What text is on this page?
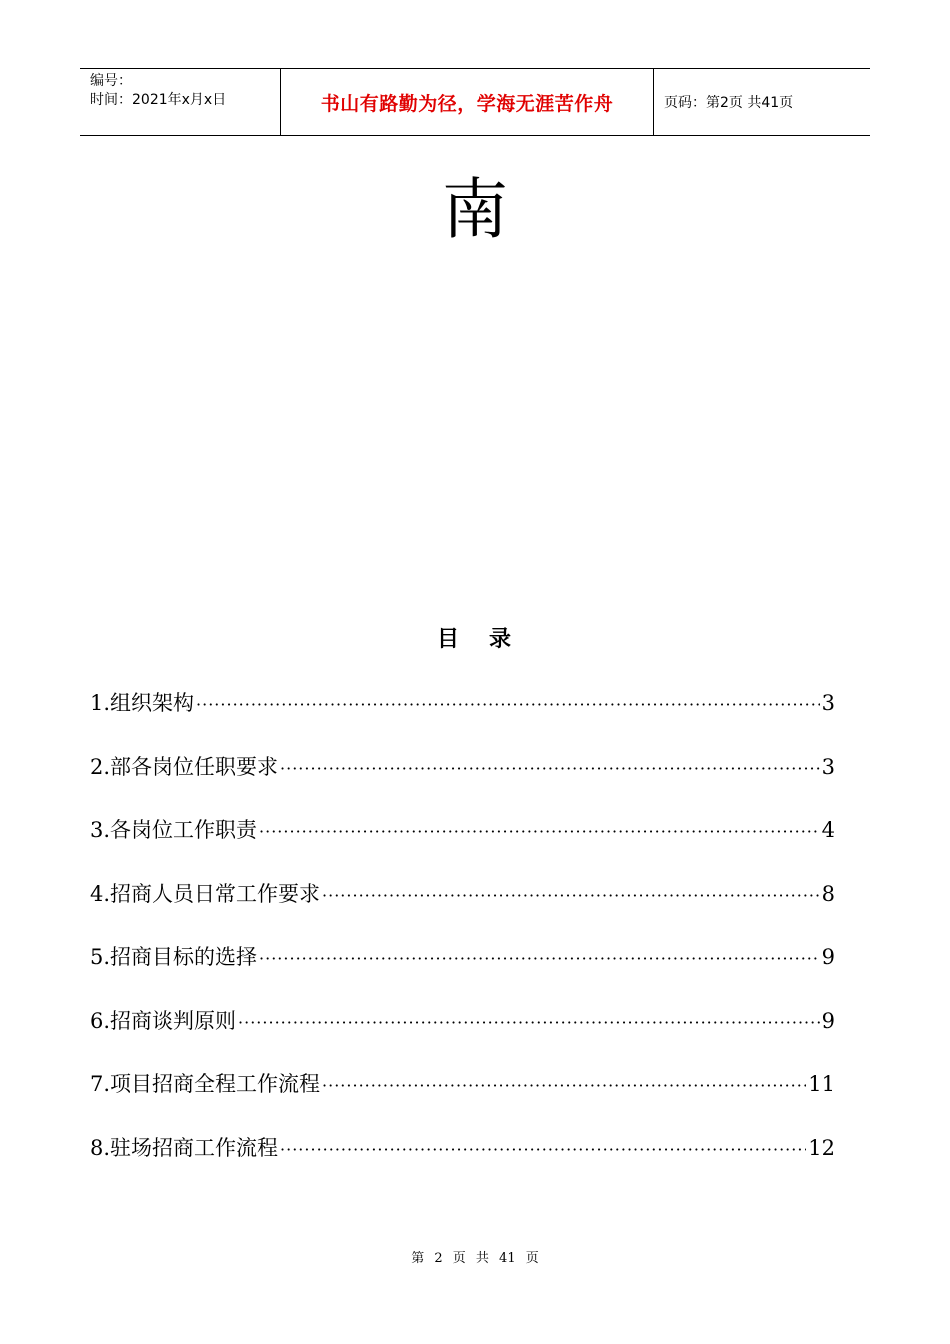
编号：
时间：2021年x月x日	书山有路勤为径，学海无涯苦作舟	页码：第2页 共41页
南
目 录
1.组织架构 ·····	3
2.部各岗位任职要求 ·····	3
3.各岗位工作职责 ·····	4
4.招商人员日常工作要求 ·····	8
5.招商目标的选择 ·····	9
6.招商谈判原则 ·····	9
7.项目招商全程工作流程 ·····	11
8.驻场招商工作流程 ·····	12
第 2 页 共 41 页
